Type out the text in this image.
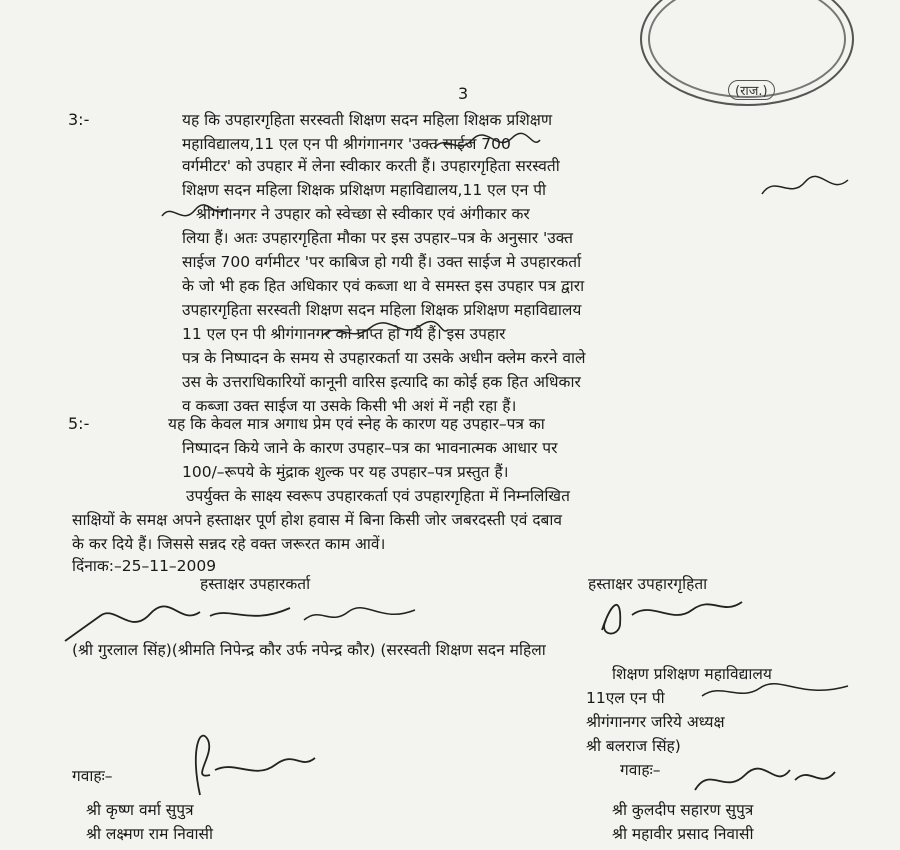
(राज.)
3
3:-	यह कि उपहारगृहिता सरस्वती शिक्षण सदन महिला शिक्षक प्रशिक्षण
महाविद्यालय,11 एल एन पी श्रीगंगानगर 'उक्त साईज 700
वर्गमीटर' को उपहार में लेना स्वीकार करती हैं। उपहारगृहिता सरस्वती
शिक्षण सदन महिला शिक्षक प्रशिक्षण महाविद्यालय,11 एल एन पी
श्रीगंगानगर ने उपहार को स्वेच्छा से स्वीकार एवं अंगीकार कर
लिया हैं। अतः उपहारगृहिता मौका पर इस उपहार–पत्र के अनुसार 'उक्त
साईज 700 वर्गमीटर 'पर काबिज हो गयी हैं। उक्त साईज मे उपहारकर्ता
के जो भी हक हित अधिकार एवं कब्जा था वे समस्त इस उपहार पत्र द्वारा
उपहारगृहिता सरस्वती शिक्षण सदन महिला शिक्षक प्रशिक्षण महाविद्यालय
11 एल एन पी श्रीगंगानगर को प्राप्त हो गये हैं। इस उपहार
पत्र के निष्पादन के समय से उपहारकर्ता या उसके अधीन क्लेम करने वाले
उस के उत्तराधिकारियों कानूनी वारिस इत्यादि का कोई हक हित अधिकार
व कब्जा उक्त साईज या उसके किसी भी अशं में नही रहा हैं।
5:-	यह कि केवल मात्र अगाध प्रेम एवं स्नेह के कारण यह उपहार–पत्र का
निष्पादन किये जाने के कारण उपहार–पत्र का भावनात्मक आधार पर
100/–रूपये के मुंद्राक शुल्क पर यह उपहार–पत्र प्रस्तुत हैं।
उपर्युक्त के साक्ष्य स्वरूप उपहारकर्ता एवं उपहारगृहिता में निम्नलिखित
साक्षियों के समक्ष अपने हस्ताक्षर पूर्ण होश हवास में बिना किसी जोर जबरदस्ती एवं दबाव
के कर दिये हैं। जिससे सन्नद रहे वक्त जरूरत काम आवें।
दिंनाक:–25–11–2009
हस्ताक्षर उपहारकर्ता	हस्ताक्षर उपहारगृहिता
(श्री गुरलाल सिंह)(श्रीमति निपेन्द्र कौर उर्फ नपेन्द्र कौर) (सरस्वती शिक्षण सदन महिला
शिक्षण प्रशिक्षण महाविद्यालय
11एल एन पी
श्रीगंगानगर जरिये अध्यक्ष
श्री बलराज सिंह)
गवाहः–
गवाहः–
श्री कृष्ण वर्मा सुपुत्र
श्री लक्ष्मण राम निवासी
श्री कुलदीप सहारण सुपुत्र
श्री महावीर प्रसाद निवासी
